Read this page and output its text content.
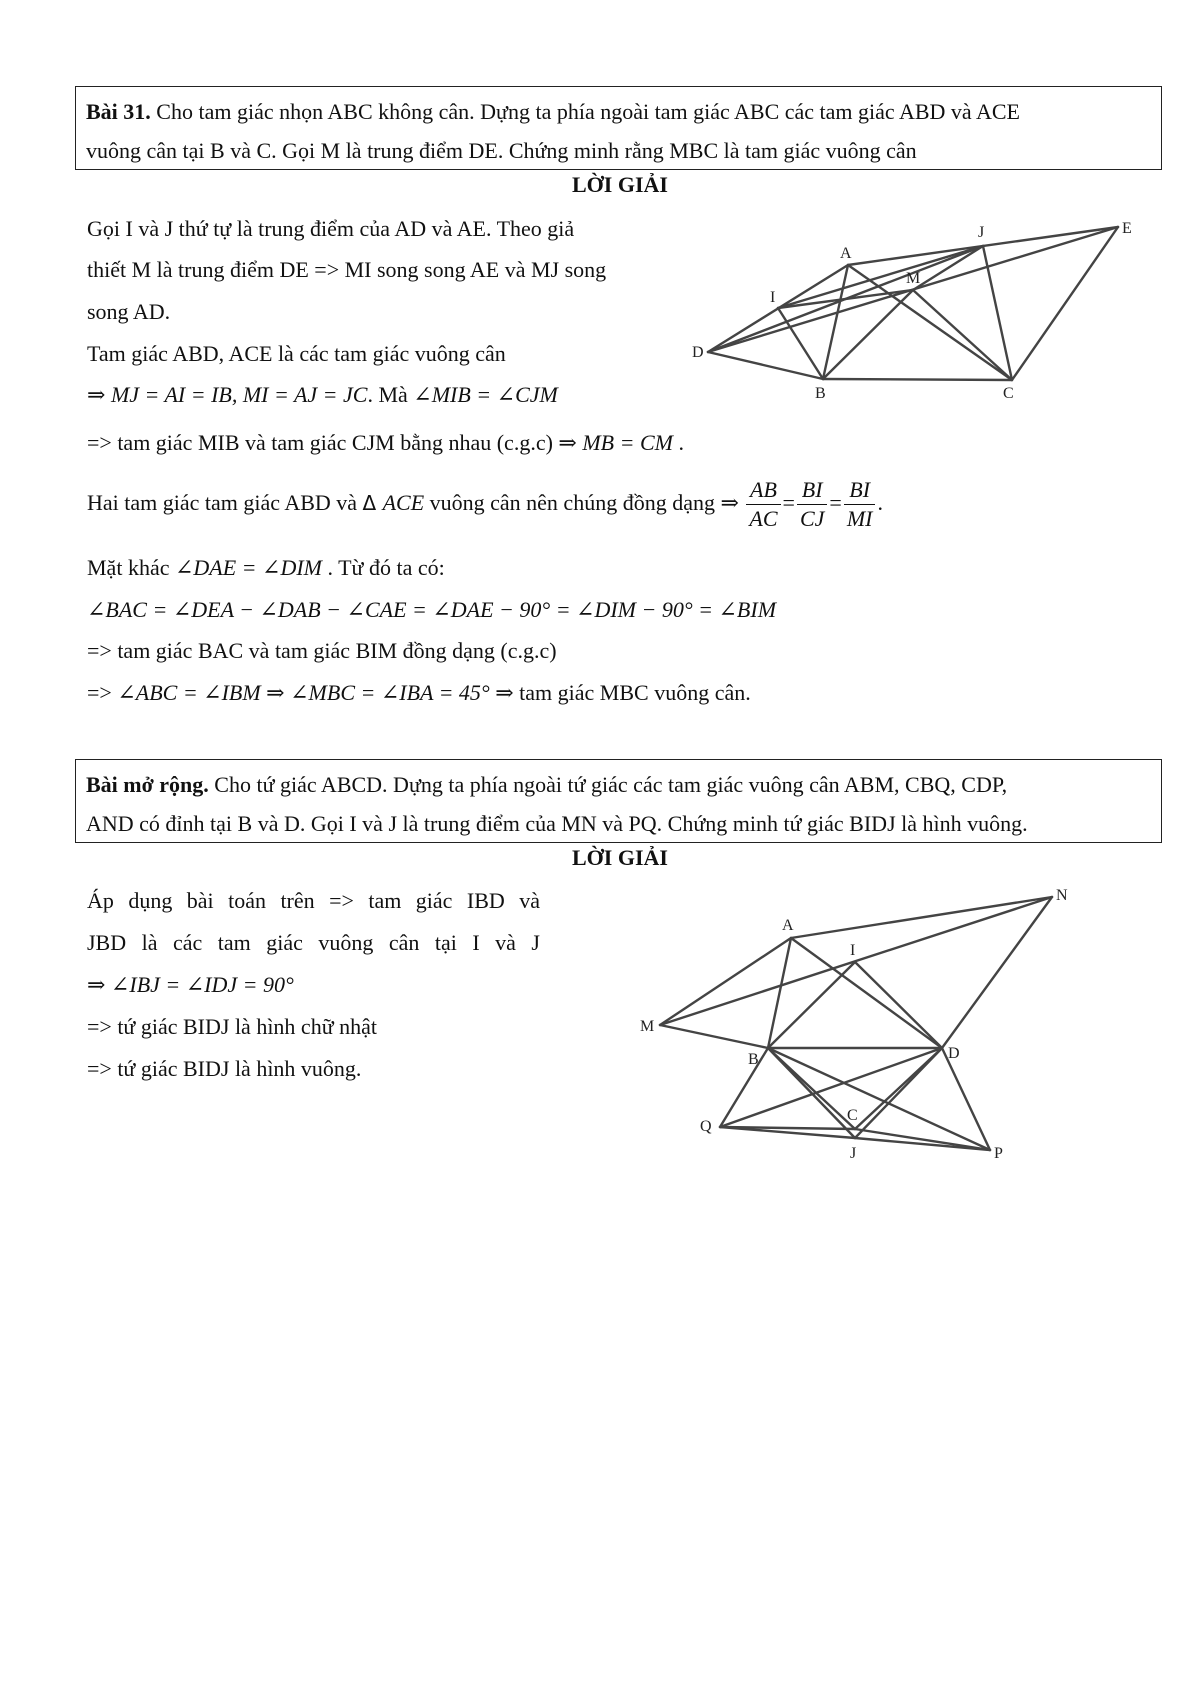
Bài 31. Cho tam giác nhọn ABC không cân. Dựng ta phía ngoài tam giác ABC các tam giác ABD và ACE
vuông cân tại B và C. Gọi M là trung điểm DE. Chứng minh rằng MBC là tam giác vuông cân
LỜI GIẢI
Gọi I và J thứ tự là trung điểm của AD và AE. Theo giả
thiết M là trung điểm DE => MI song song AE và MJ song
song AD.
Tam giác ABD, ACE là các tam giác vuông cân
⇒ MJ = AI = IB, MI = AJ = JC. Mà ∠MIB = ∠CJM
=> tam giác MIB và tam giác CJM bằng nhau (c.g.c) ⇒ MB = CM .
Hai tam giác tam giác ABD và Δ ACE vuông cân nên chúng đồng dạng ⇒ $\frac{AB}{AC} = \frac{BI}{CJ} = \frac{BI}{MI}$ .
Mặt khác ∠DAE = ∠DIM . Từ đó ta có:
∠BAC = ∠DEA − ∠DAB − ∠CAE = ∠DAE − 90° = ∠DIM − 90° = ∠BIM
=> tam giác BAC và tam giác BIM đồng dạng (c.g.c)
=> ∠ABC = ∠IBM ⇒ ∠MBC = ∠IBA = 45° ⇒ tam giác MBC vuông cân.
A
B	C
D
E
I
J
M
Bài mở rộng. Cho tứ giác ABCD. Dựng ta phía ngoài tứ giác các tam giác vuông cân ABM, CBQ, CDP,
AND có đỉnh tại B và D. Gọi I và J là trung điểm của MN và PQ. Chứng minh tứ giác BIDJ là hình vuông.
LỜI GIẢI
Áp dụng bài toán trên => tam giác IBD và
JBD là các tam giác vuông cân tại I và J
⇒ ∠IBJ = ∠IDJ = 90°
=> tứ giác BIDJ là hình chữ nhật
=> tứ giác BIDJ là hình vuông.
A
B
C
D
I
J
M
N
P
Q
